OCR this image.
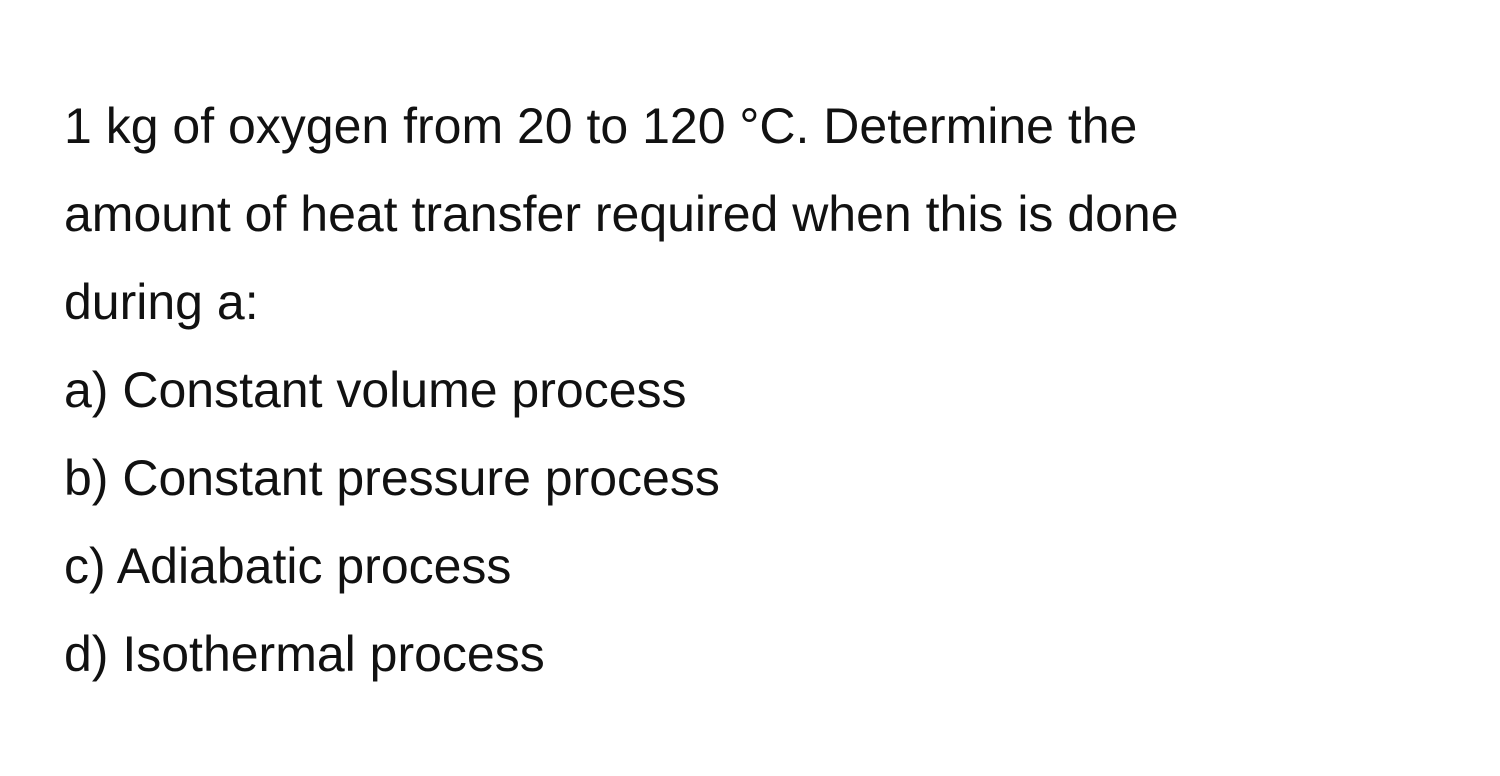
1 kg of oxygen from 20 to 120 °C. Determine the
amount of heat transfer required when this is done
during a:
a) Constant volume process
b) Constant pressure process
c) Adiabatic process
d) Isothermal process
